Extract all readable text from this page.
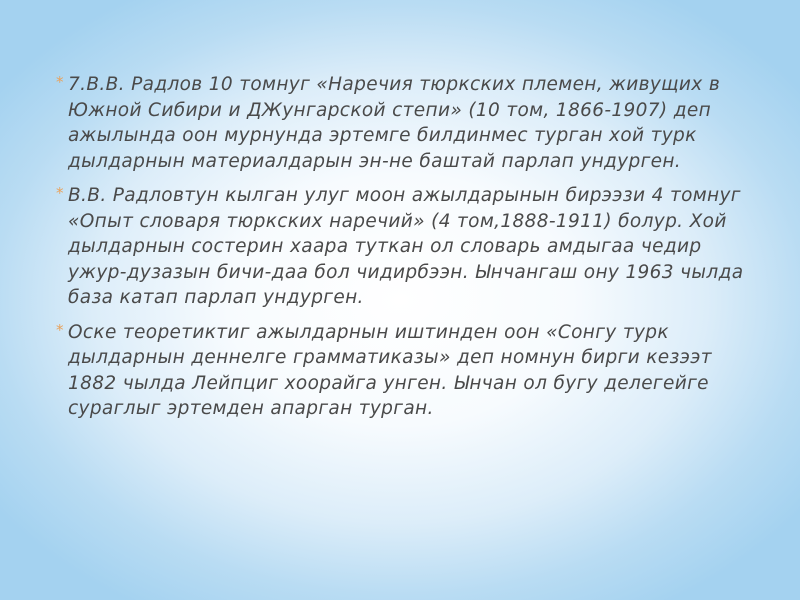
* 7.В.В. Радлов 10 томнуг «Наречия тюркских племен, живущих в Южной Сибири и ДЖунгарской степи» (10 том, 1866-1907) деп ажылында оон мурнунда эртемге билдинмес турган хой турк дылдарнын материалдарын эн-не баштай парлап ундурген.

* В.В. Радловтун кылган улуг моон ажылдарынын бирээзи 4 томнуг «Опыт словаря тюркских наречий» (4 том,1888-1911) болур. Хой дылдарнын состерин хаара туткан ол словарь амдыгаа чедир ужур-дузазын бичи-даа бол чидирбээн. Ынчангаш ону 1963 чылда база катап парлап ундурген.

* Оске теоретиктиг ажылдарнын иштинден оон «Сонгу турк дылдарнын деннелге грамматиказы» деп номнун бирги кезээт 1882 чылда Лейпциг хоорайга унген. Ынчан ол бугу делегейге сураглыг эртемден апарган турган.
